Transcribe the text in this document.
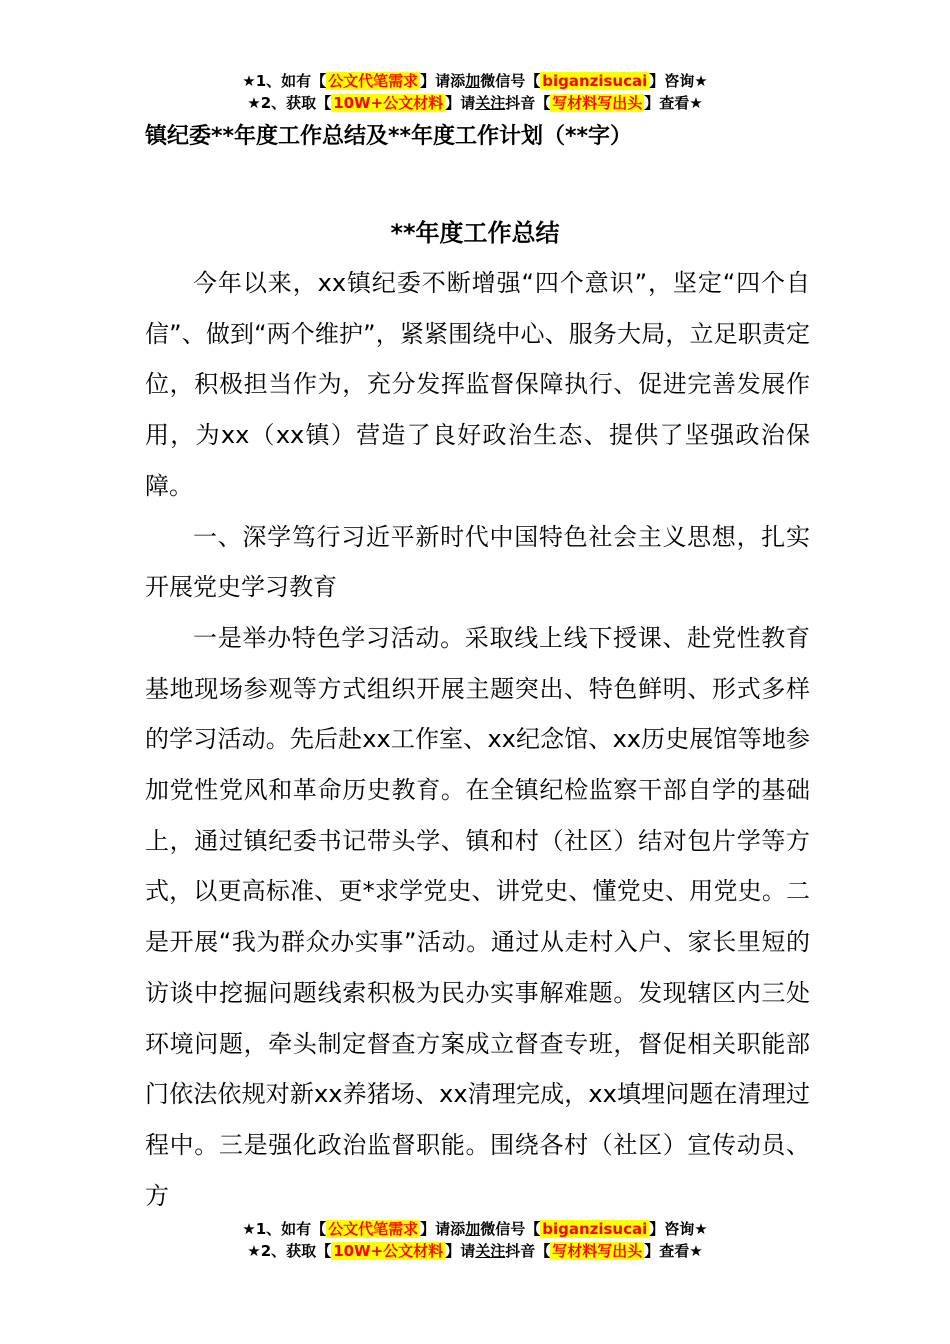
★1、如有【 公文代笔需求 】请添加微信号【 biganzisucai 】咨询★
★2、获取【 10W+公文材料 】请关注抖音【 写材料写出头 】查看★
镇纪委**年度工作总结及**年度工作计划（**字）
**年度工作总结

今年以来，xx镇纪委不断增强“四个意识”，坚定“四个自信”、做到“两个维护”，紧紧围绕中心、服务大局，立足职责定位，积极担当作为，充分发挥监督保障执行、促进完善发展作用，为xx（xx镇）营造了良好政治生态、提供了坚强政治保障。

一、深学笃行习近平新时代中国特色社会主义思想，扎实开展党史学习教育

一是举办特色学习活动。采取线上线下授课、赴党性教育基地现场参观等方式组织开展主题突出、特色鲜明、形式多样的学习活动。先后赴xx工作室、xx纪念馆、xx历史展馆等地参加党性党风和革命历史教育。在全镇纪检监察干部自学的基础上，通过镇纪委书记带头学、镇和村（社区）结对包片学等方式，以更高标准、更*求学党史、讲党史、懂党史、用党史。二是开展“我为群众办实事”活动。通过从走村入户、家长里短的访谈中挖掘问题线索积极为民办实事解难题。发现辖区内三处环境问题，牵头制定督查方案成立督查专班，督促相关职能部门依法依规对新xx养猪场、xx清理完成，xx填埋问题在清理过程中。三是强化政治监督职能。围绕各村（社区）宣传动员、方

★1、如有【 公文代笔需求 】请添加微信号【 biganzisucai 】咨询★
★2、获取【 10W+公文材料 】请关注抖音【 写材料写出头 】查看★
